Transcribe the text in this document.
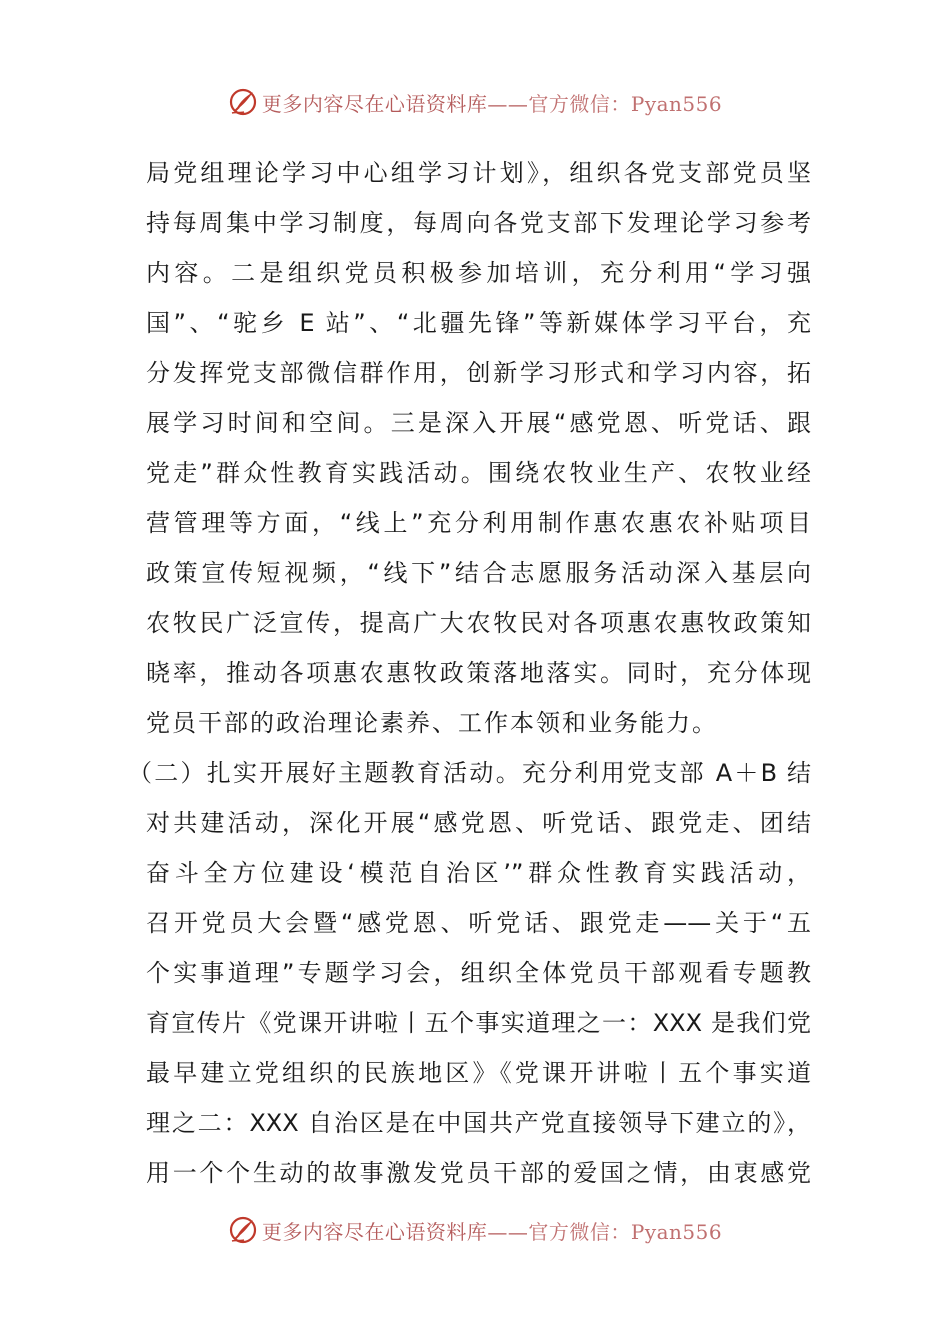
更多内容尽在心语资料库——官方微信：Pyan556
局党组理论学习中心组学习计划》，组织各党支部党员坚
持每周集中学习制度，每周向各党支部下发理论学习参考
内容。二是组织党员积极参加培训，充分利用“学习强
国”、“驼乡 E 站”、“北疆先锋”等新媒体学习平台，充
分发挥党支部微信群作用，创新学习形式和学习内容，拓
展学习时间和空间。三是深入开展“感党恩、听党话、跟
党走”群众性教育实践活动。围绕农牧业生产、农牧业经
营管理等方面，“线上”充分利用制作惠农惠农补贴项目
政策宣传短视频，“线下”结合志愿服务活动深入基层向
农牧民广泛宣传，提高广大农牧民对各项惠农惠牧政策知
晓率，推动各项惠农惠牧政策落地落实。同时，充分体现
党员干部的政治理论素养、工作本领和业务能力。
（二）扎实开展好主题教育活动。充分利用党支部 A＋B 结
对共建活动，深化开展“感党恩、听党话、跟党走、团结
奋斗全方位建设‘模范自治区’”群众性教育实践活动，
召开党员大会暨“感党恩、听党话、跟党走——关于“五
个实事道理”专题学习会，组织全体党员干部观看专题教
育宣传片《党课开讲啦丨五个事实道理之一：XXX 是我们党
最早建立党组织的民族地区》《党课开讲啦丨五个事实道
理之二：XXX 自治区是在中国共产党直接领导下建立的》，
用一个个生动的故事激发党员干部的爱国之情，由衷感党
更多内容尽在心语资料库——官方微信：Pyan556
